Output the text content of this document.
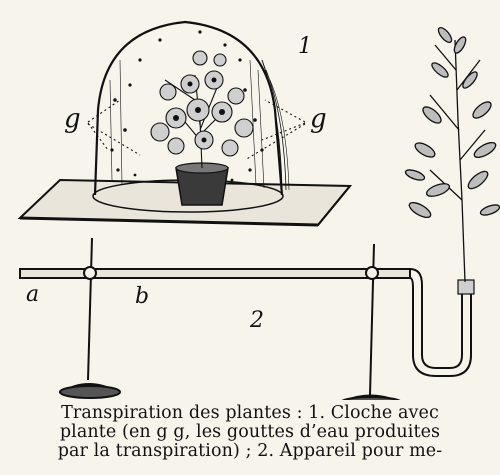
g	g
1
2
a	b
Transpiration des plantes : 1. Cloche avec
plante (en g g, les gouttes d’eau produites
par la transpiration) ; 2. Appareil pour me-
